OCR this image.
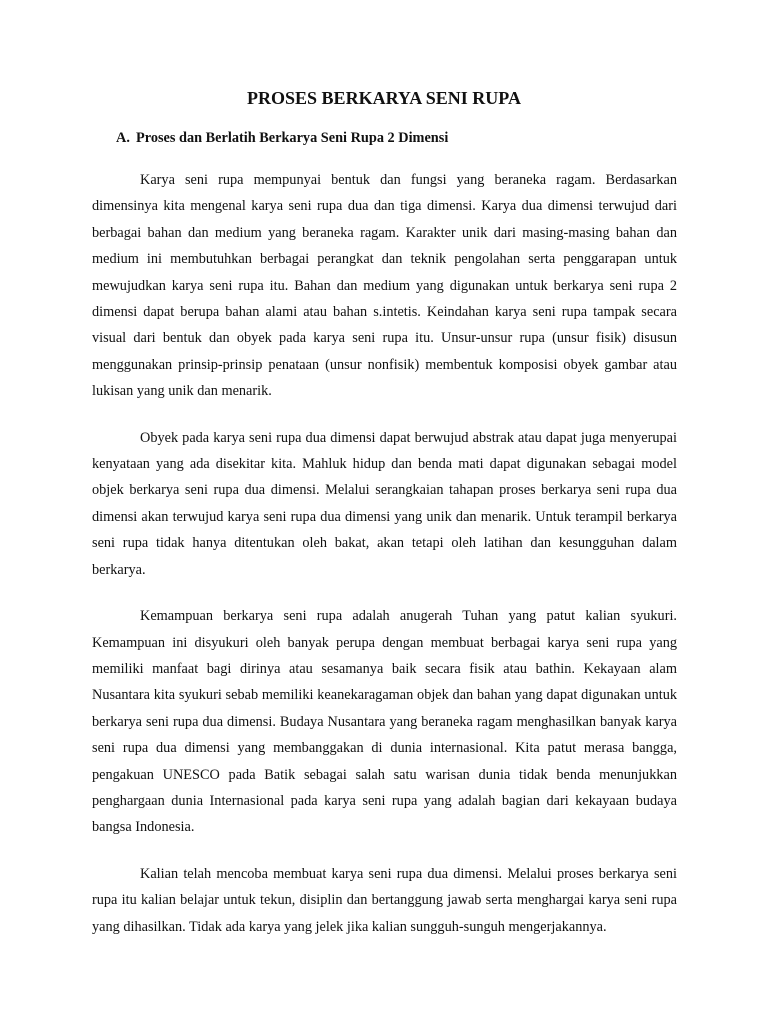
PROSES BERKARYA SENI RUPA
A. Proses dan Berlatih Berkarya Seni Rupa 2 Dimensi

Karya seni rupa mempunyai bentuk dan fungsi yang beraneka ragam. Berdasarkan dimensinya kita mengenal karya seni rupa dua dan tiga dimensi. Karya dua dimensi terwujud dari berbagai bahan dan medium yang beraneka ragam. Karakter unik dari masing-masing bahan dan medium ini membutuhkan berbagai perangkat dan teknik pengolahan serta penggarapan untuk mewujudkan karya seni rupa itu. Bahan dan medium yang digunakan untuk berkarya seni rupa 2 dimensi dapat berupa bahan alami atau bahan s.intetis. Keindahan karya seni rupa tampak secara visual dari bentuk dan obyek pada karya seni rupa itu. Unsur-unsur rupa (unsur fisik) disusun menggunakan prinsip-prinsip penataan (unsur nonfisik) membentuk komposisi obyek gambar atau lukisan yang unik dan menarik.

Obyek pada karya seni rupa dua dimensi dapat berwujud abstrak atau dapat juga menyerupai kenyataan yang ada disekitar kita. Mahluk hidup dan benda mati dapat digunakan sebagai model objek berkarya seni rupa dua dimensi. Melalui serangkaian tahapan proses berkarya seni rupa dua dimensi akan terwujud karya seni rupa dua dimensi yang unik dan menarik. Untuk terampil berkarya seni rupa tidak hanya ditentukan oleh bakat, akan tetapi oleh latihan dan kesungguhan dalam berkarya.

Kemampuan berkarya seni rupa adalah anugerah Tuhan yang patut kalian syukuri. Kemampuan ini disyukuri oleh banyak perupa dengan membuat berbagai karya seni rupa yang memiliki manfaat bagi dirinya atau sesamanya baik secara fisik atau bathin. Kekayaan alam Nusantara kita syukuri sebab memiliki keanekaragaman objek dan bahan yang dapat digunakan untuk berkarya seni rupa dua dimensi. Budaya Nusantara yang beraneka ragam menghasilkan banyak karya seni rupa dua dimensi yang membanggakan di dunia internasional. Kita patut merasa bangga, pengakuan UNESCO pada Batik sebagai salah satu warisan dunia tidak benda menunjukkan penghargaan dunia Internasional pada karya seni rupa yang adalah bagian dari kekayaan budaya bangsa Indonesia.

Kalian telah mencoba membuat karya seni rupa dua dimensi. Melalui proses berkarya seni rupa itu kalian belajar untuk tekun, disiplin dan bertanggung jawab serta menghargai karya seni rupa yang dihasilkan. Tidak ada karya yang jelek jika kalian sungguh-sunguh mengerjakannya.
